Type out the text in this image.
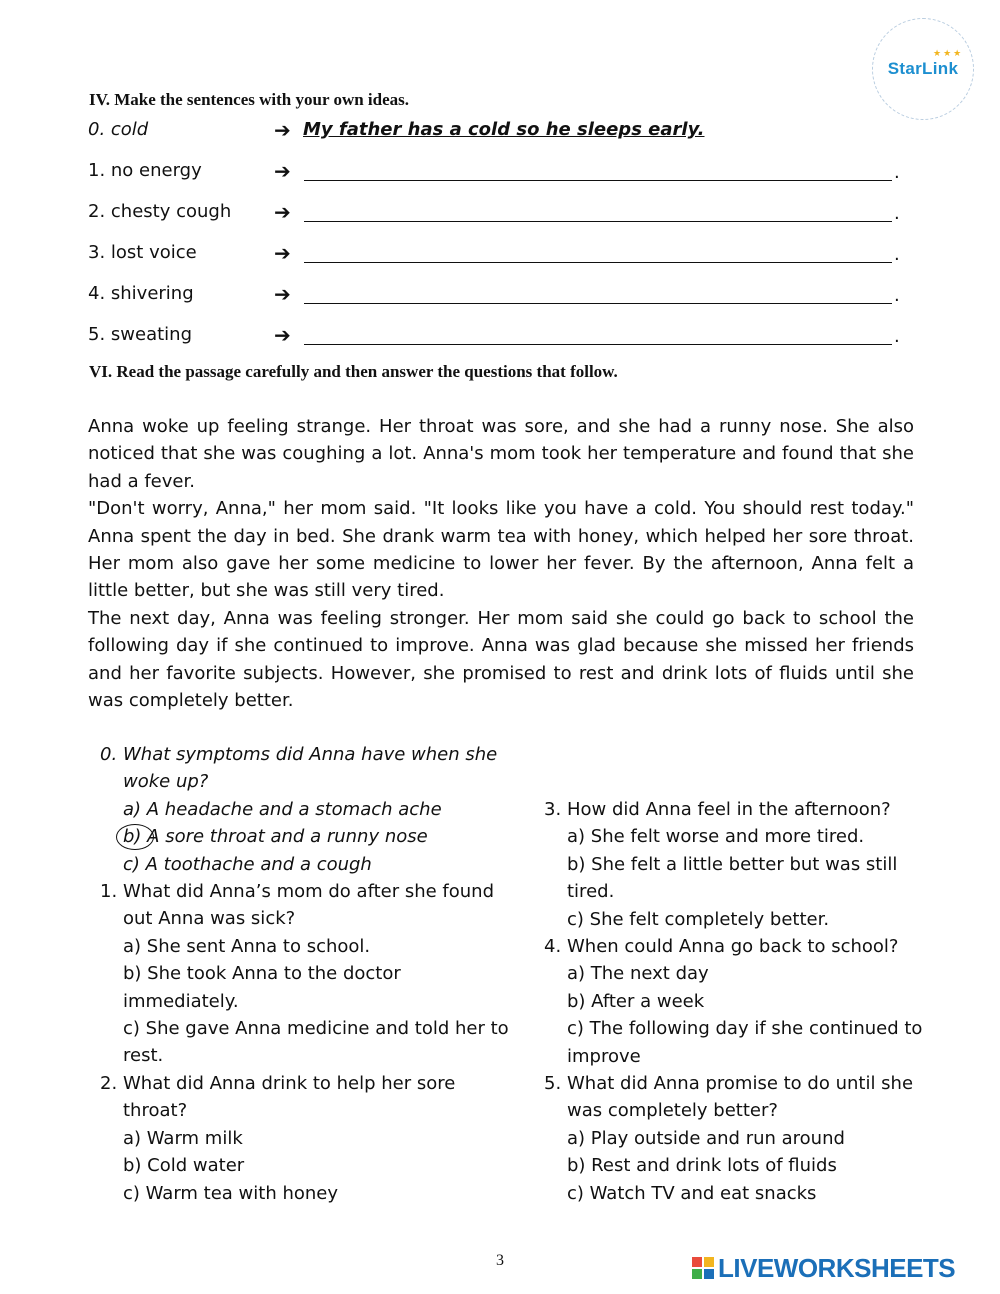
★★★
StarLink
IV. Make the sentences with your own ideas.
0. cold	➔ My father has a cold so he sleeps early.
1. no energy	➔	.
2. chesty cough ➔	.
3. lost voice	➔	.
4. shivering	➔	.
5. sweating	➔	.
VI. Read the passage carefully and then answer the questions that follow.

Anna woke up feeling strange. Her throat was sore, and she had a runny nose. She also noticed that she was coughing a lot. Anna's mom took her temperature and found that she had a fever.

"Don't worry, Anna," her mom said. "It looks like you have a cold. You should rest today." Anna spent the day in bed. She drank warm tea with honey, which helped her sore throat. Her mom also gave her some medicine to lower her fever. By the afternoon, Anna felt a little better, but she was still very tired.

The next day, Anna was feeling stronger. Her mom said she could go back to school the following day if she continued to improve. Anna was glad because she missed her friends and her favorite subjects. However, she promised to rest and drink lots of fluids until she was completely better.

0. What symptoms did Anna have when she woke up?
a) A headache and a stomach ache
b) A sore throat and a runny nose
c) A toothache and a cough
1. What did Anna’s mom do after she found out Anna was sick?
a) She sent Anna to school.
b) She took Anna to the doctor immediately.
c) She gave Anna medicine and told her to rest.
2. What did Anna drink to help her sore throat?
a) Warm milk
b) Cold water
c) Warm tea with honey
3. How did Anna feel in the afternoon?
a) She felt worse and more tired.
b) She felt a little better but was still tired.
c) She felt completely better.
4. When could Anna go back to school?
a) The next day
b) After a week
c) The following day if she continued to improve
5. What did Anna promise to do until she was completely better?
a) Play outside and run around
b) Rest and drink lots of fluids
c) Watch TV and eat snacks
3	LIVEWORKSHEETS
